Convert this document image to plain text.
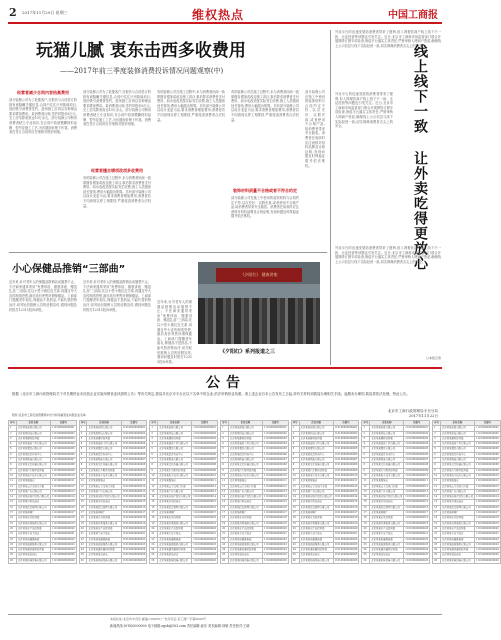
2 2017年11月29日 星期三	维权热点	中国工商报
玩猫儿腻 衷东击西多收费用
——2017年前三季度装修消费投诉情况问题观察(中)
经营者减少合同内容抬高费用
部分装修公司为了抢揽客户,在报价与合同签订阶段有意隐瞒关键信息,合同中往往只列基础项目,低价吸引消费者签约。进场施工后再以各种理由要求增加费用。某消费者反映,签约时报价6万元,完工后结算竟高达10万余元。部分装修公司利用消费者缺乏专业知识,在合同中故意模糊材料品牌、型号及施工工艺,为后期加价埋下伏笔。消费者在签订合同时应仔细核对报价明细。
部分装修公司为了抢揽客户,在报价与合同签订阶段有意隐瞒关键信息,合同中往往只列基础项目,低价吸引消费者签约。进场施工后再以各种理由要求增加费用。某消费者反映,签约时报价6万元,完工后结算竟高达10万余元。部分装修公司利用消费者缺乏专业知识,在合同中故意模糊材料品牌、型号及施工工艺,为后期加价埋下伏笔。消费者在签订合同时应仔细核对报价明细。
经营者擅自增项改项多收费用
有的装修公司在施工过程中,未与消费者协商一致即擅自增加或改变施工项目,事后要求消费者支付费用。如水电改造按实际发生收费,施工人员随意延长管线,费用大幅超出预算。另有部分装修公司以设计变更为由,要求消费者增加费用,消费者若不同意则以停工相要挟,严重侵害消费者合法权益。
有的装修公司在施工过程中,未与消费者协商一致即擅自增加或改变施工项目,事后要求消费者支付费用。如水电改造按实际发生收费,施工人员随意延长管线,费用大幅超出预算。另有部分装修公司以设计变更为由,要求消费者增加费用,消费者若不同意则以停工相要挟,严重侵害消费者合法权益。
有的装修公司在施工过程中,未与消费者协商一致即擅自增加或改变施工项目,事后要求消费者支付费用。如水电改造按实际发生收费,施工人员随意延长管线,费用大幅超出预算。另有部分装修公司以设计变更为由,要求消费者增加费用,消费者若不同意则以停工相要挟,严重侵害消费者合法权益。
装饰材料质量不合格或者不符合约定
部分装修公司在施工中使用的装饰材料与合同约定不符,以次充好、以假充真,或者使用不合格产品,给消费者带来安全隐患。消费者在验收时应注意核对材料品牌及合格证明,发现问题及时保留证据并依法维权。
部分装修公司在施工中使用的装饰材料与合同约定不符,以次充好、以假充真,或者使用不合格产品,给消费者带来安全隐患。消费者在验收时应注意核对材料品牌及合格证明,发现问题及时保留证据并依法维权。
外卖平台的迅速发展给消费者带来了便利,但入网餐饮商户线上线下不一致、无证经营等问题也引发关注。近日,北京市工商和市场监管部门联合开展网络订餐专项检查,督促平台落实主体责任,严格审核入网商户资质,确保线上公示信息与线下实际经营一致,切实保障消费者舌尖上的安全。
外卖平台的迅速发展给消费者带来了便利,但入网餐饮商户线上线下不一致、无证经营等问题也引发关注。近日,北京市工商和市场监管部门联合开展网络订餐专项检查,督促平台落实主体责任,严格审核入网商户资质,确保线上公示信息与线下实际经营一致,切实保障消费者舌尖上的安全。	线上线下一致 让外卖吃得更放心
外卖平台的迅速发展给消费者带来了便利,但入网餐饮商户线上线下不一致、无证经营等问题也引发关注。近日,北京市工商和市场监管部门联合开展网络订餐专项检查,督促平台落实主体责任,严格审核入网商户资质,确保线上公示信息与线下实际经营一致,切实保障消费者舌尖上的安全。
□本报记者
小心保健品推销“三部曲”
近年来,针对老年人的保健品推销活动屡禁不止。不法商家通常采用“免费体检、健康讲座、赠送礼品”三部曲,先以小恩小惠拉近关系,再通过夸大宣传制造恐慌,最后高价兜售所谓保健品。工商部门提醒老年朋友,保健品不是药品,不能代替药物治疗,切勿轻信推销人员的虚假宣传,遇到问题及时拨打12315投诉举报。
近年来,针对老年人的保健品推销活动屡禁不止。不法商家通常采用“免费体检、健康讲座、赠送礼品”三部曲,先以小恩小惠拉近关系,再通过夸大宣传制造恐慌,最后高价兜售所谓保健品。工商部门提醒老年朋友,保健品不是药品,不能代替药物治疗,切勿轻信推销人员的虚假宣传,遇到问题及时拨打12315投诉举报。
近年来,针对老年人的保健品推销活动屡禁不止。不法商家通常采用“免费体检、健康讲座、赠送礼品”三部曲,先以小恩小惠拉近关系,再通过夸大宣传制造恐慌,最后高价兜售所谓保健品。工商部门提醒老年朋友,保健品不是药品,不能代替药物治疗,切勿轻信推销人员的虚假宣传,遇到问题及时拨打12315投诉举报。
《夕阳红》 健康讲座
《夕阳红》系列报道之三
公告
根据《北京市工商行政管理局关于对长期停业未经营企业实施吊销营业执照的公告》等有关规定,我局对北京市丰台区以下名单中的企业,依法吊销营业执照。请上述企业自本公告发布之日起,持有关材料到我局办理相关手续。逾期未办理的,我局将依法处理。特此公告。
北京市工商行政管理局丰台分局
2017年11月22日
附件:北京市工商行政管理局丰台分局吊销营业执照企业名单
序号	企业名称	注册号
1	北京某某商贸有限公司	110106000000001
2	北京某某科技有限公司	110106000000002
3	北京某某建材经营部	110106000000003
4	北京某某装饰工程有限公司	110106000000004
5	北京某某餐饮有限公司	110106000000005
6	北京某某信息咨询中心	110106000000006
7	北京某某物流有限公司	110106000000007
8	北京某某文化传播有限公司	110106000000008
9	北京某某汽车配件经营部	110106000000009
10	北京某某电子技术有限公司	110106000000010
11	北京某某服装店	110106000000011
12	北京某某五金交电门市部	110106000000012
13	北京某某广告有限公司	110106000000013
14	北京某某房地产经纪有限公司	110106000000014
15	北京某某日用品商店	110106000000015
16	北京某某投资管理有限公司	110106000000016
17	北京某某印刷厂	110106000000017
18	北京某某家具经营部	110106000000018
19	北京某某劳务服务有限公司	110106000000019
20	北京某某水产品经营部	110106000000020
21	北京某某美容美发店	110106000000021
22	北京某某电器维修部	110106000000022
23	北京某某旅游服务有限公司	110106000000023
24	北京某某通讯器材经营部	110106000000024
25	北京某某食品商店	110106000000025
26	北京某某机械设备有限公司	110106000000026
序号	企业名称	注册号
1	北京某某商贸有限公司	110106000000001
2	北京某某科技有限公司	110106000000002
3	北京某某建材经营部	110106000000003
4	北京某某装饰工程有限公司	110106000000004
5	北京某某餐饮有限公司	110106000000005
6	北京某某信息咨询中心	110106000000006
7	北京某某物流有限公司	110106000000007
8	北京某某文化传播有限公司	110106000000008
9	北京某某汽车配件经营部	110106000000009
10	北京某某电子技术有限公司	110106000000010
11	北京某某服装店	110106000000011
12	北京某某五金交电门市部	110106000000012
13	北京某某广告有限公司	110106000000013
14	北京某某房地产经纪有限公司	110106000000014
15	北京某某日用品商店	110106000000015
16	北京某某投资管理有限公司	110106000000016
17	北京某某印刷厂	110106000000017
18	北京某某家具经营部	110106000000018
19	北京某某劳务服务有限公司	110106000000019
20	北京某某水产品经营部	110106000000020
21	北京某某美容美发店	110106000000021
22	北京某某电器维修部	110106000000022
23	北京某某旅游服务有限公司	110106000000023
24	北京某某通讯器材经营部	110106000000024
25	北京某某食品商店	110106000000025
26	北京某某机械设备有限公司	110106000000026
序号	企业名称	注册号
1	北京某某商贸有限公司	110106000000001
2	北京某某科技有限公司	110106000000002
3	北京某某建材经营部	110106000000003
4	北京某某装饰工程有限公司	110106000000004
5	北京某某餐饮有限公司	110106000000005
6	北京某某信息咨询中心	110106000000006
7	北京某某物流有限公司	110106000000007
8	北京某某文化传播有限公司	110106000000008
9	北京某某汽车配件经营部	110106000000009
10	北京某某电子技术有限公司	110106000000010
11	北京某某服装店	110106000000011
12	北京某某五金交电门市部	110106000000012
13	北京某某广告有限公司	110106000000013
14	北京某某房地产经纪有限公司	110106000000014
15	北京某某日用品商店	110106000000015
16	北京某某投资管理有限公司	110106000000016
17	北京某某印刷厂	110106000000017
18	北京某某家具经营部	110106000000018
19	北京某某劳务服务有限公司	110106000000019
20	北京某某水产品经营部	110106000000020
21	北京某某美容美发店	110106000000021
22	北京某某电器维修部	110106000000022
23	北京某某旅游服务有限公司	110106000000023
24	北京某某通讯器材经营部	110106000000024
25	北京某某食品商店	110106000000025
26	北京某某机械设备有限公司	110106000000026
序号	企业名称	注册号
1	北京某某商贸有限公司	110106000000001
2	北京某某科技有限公司	110106000000002
3	北京某某建材经营部	110106000000003
4	北京某某装饰工程有限公司	110106000000004
5	北京某某餐饮有限公司	110106000000005
6	北京某某信息咨询中心	110106000000006
7	北京某某物流有限公司	110106000000007
8	北京某某文化传播有限公司	110106000000008
9	北京某某汽车配件经营部	110106000000009
10	北京某某电子技术有限公司	110106000000010
11	北京某某服装店	110106000000011
12	北京某某五金交电门市部	110106000000012
13	北京某某广告有限公司	110106000000013
14	北京某某房地产经纪有限公司	110106000000014
15	北京某某日用品商店	110106000000015
16	北京某某投资管理有限公司	110106000000016
17	北京某某印刷厂	110106000000017
18	北京某某家具经营部	110106000000018
19	北京某某劳务服务有限公司	110106000000019
20	北京某某水产品经营部	110106000000020
21	北京某某美容美发店	110106000000021
22	北京某某电器维修部	110106000000022
23	北京某某旅游服务有限公司	110106000000023
24	北京某某通讯器材经营部	110106000000024
25	北京某某食品商店	110106000000025
26	北京某某机械设备有限公司	110106000000026
序号	企业名称	注册号
1	北京某某商贸有限公司	110106000000001
2	北京某某科技有限公司	110106000000002
3	北京某某建材经营部	110106000000003
4	北京某某装饰工程有限公司	110106000000004
5	北京某某餐饮有限公司	110106000000005
6	北京某某信息咨询中心	110106000000006
7	北京某某物流有限公司	110106000000007
8	北京某某文化传播有限公司	110106000000008
9	北京某某汽车配件经营部	110106000000009
10	北京某某电子技术有限公司	110106000000010
11	北京某某服装店	110106000000011
12	北京某某五金交电门市部	110106000000012
13	北京某某广告有限公司	110106000000013
14	北京某某房地产经纪有限公司	110106000000014
15	北京某某日用品商店	110106000000015
16	北京某某投资管理有限公司	110106000000016
17	北京某某印刷厂	110106000000017
18	北京某某家具经营部	110106000000018
19	北京某某劳务服务有限公司	110106000000019
20	北京某某水产品经营部	110106000000020
21	北京某某美容美发店	110106000000021
22	北京某某电器维修部	110106000000022
23	北京某某旅游服务有限公司	110106000000023
24	北京某某通讯器材经营部	110106000000024
25	北京某某食品商店	110106000000025
26	北京某某机械设备有限公司	110106000000026
序号	企业名称	注册号
1	北京某某商贸有限公司	110106000000001
2	北京某某科技有限公司	110106000000002
3	北京某某建材经营部	110106000000003
4	北京某某装饰工程有限公司	110106000000004
5	北京某某餐饮有限公司	110106000000005
6	北京某某信息咨询中心	110106000000006
7	北京某某物流有限公司	110106000000007
8	北京某某文化传播有限公司	110106000000008
9	北京某某汽车配件经营部	110106000000009
10	北京某某电子技术有限公司	110106000000010
11	北京某某服装店	110106000000011
12	北京某某五金交电门市部	110106000000012
13	北京某某广告有限公司	110106000000013
14	北京某某房地产经纪有限公司	110106000000014
15	北京某某日用品商店	110106000000015
16	北京某某投资管理有限公司	110106000000016
17	北京某某印刷厂	110106000000017
18	北京某某家具经营部	110106000000018
19	北京某某劳务服务有限公司	110106000000019
20	北京某某水产品经营部	110106000000020
21	北京某某美容美发店	110106000000021
22	北京某某电器维修部	110106000000022
23	北京某某旅游服务有限公司	110106000000023
24	北京某某通讯器材经营部	110106000000024
25	北京某某食品商店	110106000000025
26	北京某某机械设备有限公司	110106000000026
序号	企业名称	注册号
1	北京某某商贸有限公司	110106000000001
2	北京某某科技有限公司	110106000000002
3	北京某某建材经营部	110106000000003
4	北京某某装饰工程有限公司	110106000000004
5	北京某某餐饮有限公司	110106000000005
6	北京某某信息咨询中心	110106000000006
7	北京某某物流有限公司	110106000000007
8	北京某某文化传播有限公司	110106000000008
9	北京某某汽车配件经营部	110106000000009
10	北京某某电子技术有限公司	110106000000010
11	北京某某服装店	110106000000011
12	北京某某五金交电门市部	110106000000012
13	北京某某广告有限公司	110106000000013
14	北京某某房地产经纪有限公司	110106000000014
15	北京某某日用品商店	110106000000015
16	北京某某投资管理有限公司	110106000000016
17	北京某某印刷厂	110106000000017
18	北京某某家具经营部	110106000000018
19	北京某某劳务服务有限公司	110106000000019
20	北京某某水产品经营部	110106000000020
21	北京某某美容美发店	110106000000021
22	北京某某电器维修部	110106000000022
23	北京某某旅游服务有限公司	110106000000023
24	北京某某通讯器材经营部	110106000000024
25	北京某某食品商店	110106000000025
26	北京某某机械设备有限公司	110106000000026
本报社址:北京市丰台区 邮编:100070 广告许可证:京工商广字第0000号
新闻热线:(010)0000000 电子邮箱:zgsb@163.com 责任编辑:崔东 美术编辑:刘敏 责任校对:王晓
